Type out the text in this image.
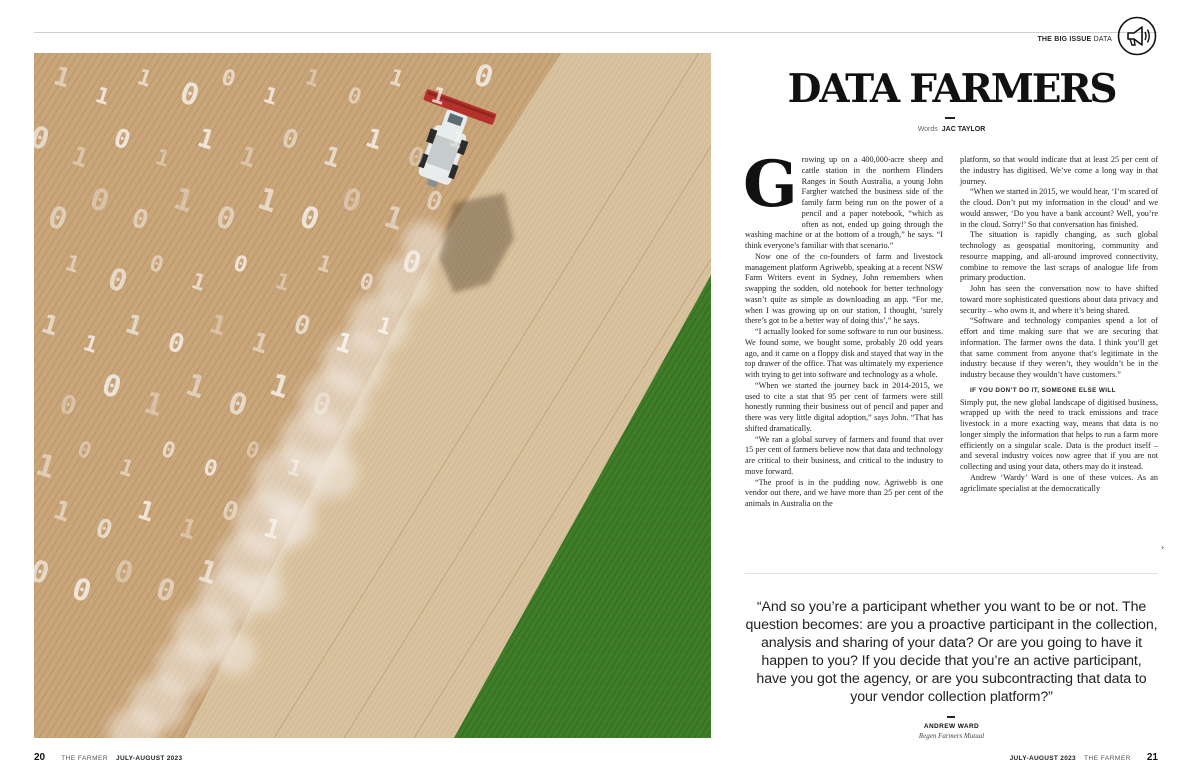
1
0
1
1
0
1
0
0
1
1
0
1
0
0
1
0
1
0
1
1
0
1
0
0
1
0
1
1
0
1
0
1
1
0
0
1
0
1
0
1
1
0
1
0
0
1
0
1
1
0
0
1
0
1
1
0
1
0
1
0
0
1
1
0
1
0
1
0
1
1
0
1
0
0
1
THE BIG ISSUE DATA
DATA FARMERS
Words JAC TAYLOR
G rowing up on a 400,000-acre sheep and cattle station in the northern Flinders Ranges in South Australia, a young John Fargher watched the business side of the family farm being run on the power of a pencil and a paper notebook, “which as often as not, ended up going through the washing machine or at the bottom of a trough,” he says. “I think everyone’s familiar with that scenario.”

Now one of the co-founders of farm and livestock management platform Agriwebb, speaking at a recent NSW Farm Writers event in Sydney, John remembers when swapping the sodden, old notebook for better technology wasn’t quite as simple as downloading an app. “For me, when I was growing up on our station, I thought, ‘surely there’s got to be a better way of doing this’,” he says.

“I actually looked for some software to run our business. We found some, we bought some, probably 20 odd years ago, and it came on a floppy disk and stayed that way in the top drawer of the office. That was ultimately my experience with trying to get into software and technology as a whole.

“When we started the journey back in 2014-2015, we used to cite a stat that 95 per cent of farmers were still honestly running their business out of pencil and paper and there was very little digital adoption,” says John. “That has shifted dramatically.

“We ran a global survey of farmers and found that over 15 per cent of farmers believe now that data and technology are critical to their business, and critical to the industry to move forward.

“The proof is in the pudding now. Agriwebb is one vendor out there, and we have more than 25 per cent of the animals in Australia on the

platform, so that would indicate that at least 25 per cent of the industry has digitised. We’ve come a long way in that journey.

“When we started in 2015, we would hear, ‘I’m scared of the cloud. Don’t put my information in the cloud’ and we would answer, ‘Do you have a bank account? Well, you’re in the cloud. Sorry!’ So that conversation has finished.

The situation is rapidly changing, as such global technology as geospatial monitoring, community and resource mapping, and all-around improved connectivity, combine to remove the last scraps of analogue life from primary production.

John has seen the conversation now to have shifted toward more sophisticated questions about data privacy and security – who owns it, and where it’s being shared.

“Software and technology companies spend a lot of effort and time making sure that we are securing that information. The farmer owns the data. I think you’ll get that same comment from anyone that’s legitimate in the industry because if they weren’t, they wouldn’t be in the industry because they wouldn’t have customers.”

IF YOU DON’T DO IT, SOMEONE ELSE WILL

Simply put, the new global landscape of digitised business, wrapped up with the need to track emissions and trace livestock in a more exacting way, means that data is no longer simply the information that helps to run a farm more efficiently on a singular scale. Data is the product itself – and several industry voices now agree that if you are not collecting and using your data, others may do it instead.

Andrew ‘Wardy’ Ward is one of these voices. As an agriclimate specialist at the democratically

›

“And so you’re a participant whether you want to be or not. The question becomes: are you a proactive participant in the collection, analysis and sharing of your data? Or are you going to have it happen to you? If you decide that you’re an active participant, have you got the agency, or are you subcontracting that data to your vendor collection platform?”

ANDREW WARD
Regen Farmers Mutual
20 THE FARMER JULY-AUGUST 2023	JULY-AUGUST 2023 THE FARMER 21
